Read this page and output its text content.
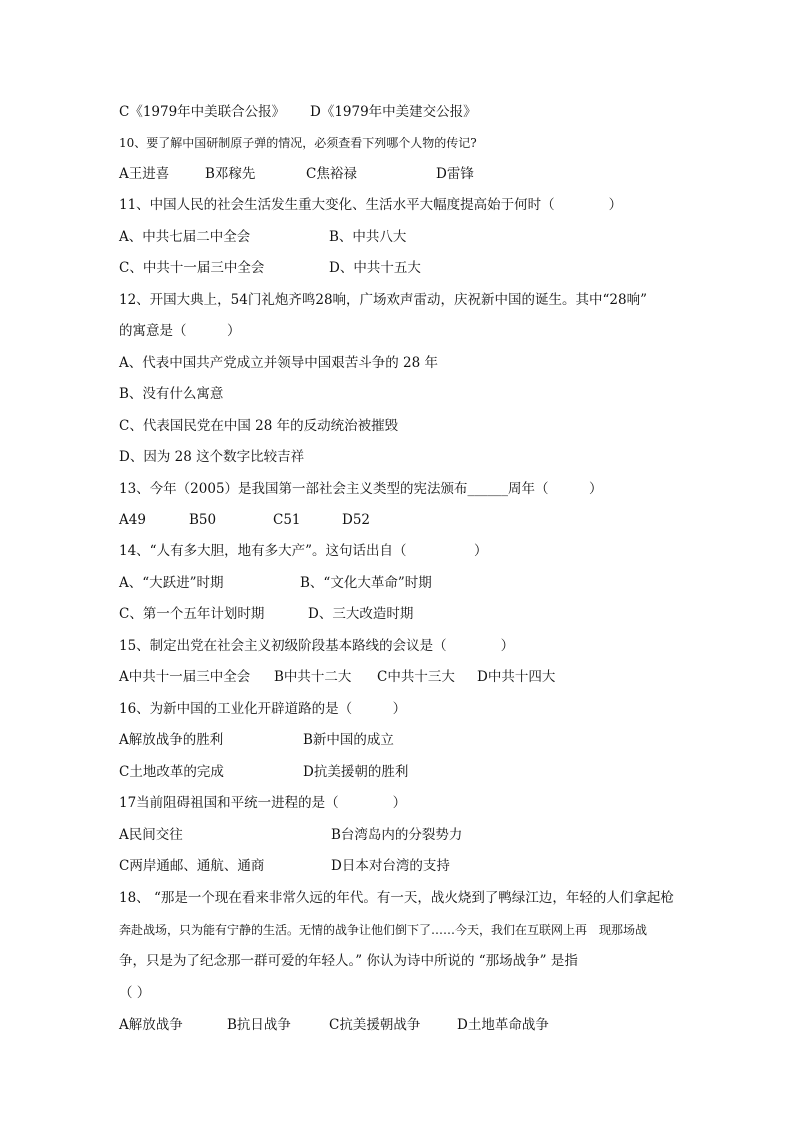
C《1979年中美联合公报》 D《1979年中美建交公报》
10、要了解中国研制原子弹的情况，必须查看下列哪个人物的传记?
A王进喜	B邓稼先	C焦裕禄	D雷锋
11、中国人民的社会生活发生重大变化、生活水平大幅度提高始于何时（　　　　）
A、中共七届二中全会	B、中共八大
C、中共十一届三中全会	D、中共十五大
12、开国大典上，54门礼炮齐鸣28响，广场欢声雷动，庆祝新中国的诞生。其中“28响”
的寓意是（　　　）
A、代表中国共产党成立并领导中国艰苦斗争的 28 年
B、没有什么寓意
C、代表国民党在中国 28 年的反动统治被摧毁
D、因为 28 这个数字比较吉祥
13、今年（2005）是我国第一部社会主义类型的宪法颁布______周年（　　　）
A49	B50	C51	D52
14、“人有多大胆，地有多大产”。这句话出自（　　　　　）
A、“大跃进”时期	B、“文化大革命”时期
C、第一个五年计划时期	D、三大改造时期
15、制定出党在社会主义初级阶段基本路线的会议是（　　　　）
A中共十一届三中全会 B中共十二大 C中共十三大 D中共十四大
16、为新中国的工业化开辟道路的是（　　　）
A解放战争的胜利	B新中国的成立
C土地改革的完成	D抗美援朝的胜利
17当前阻碍祖国和平统一进程的是（　　　　）
A民间交往	B台湾岛内的分裂势力
C两岸通邮、通航、通商	D日本对台湾的支持
18、 “那是一个现在看来非常久远的年代。有一天，战火烧到了鸭绿江边，年轻的人们拿起枪
奔赴战场，只为能有宁静的生活。无情的战争让他们倒下了……今天，我们在互联网上再　现那场战
争，只是为了纪念那一群可爱的年轻人。” 你认为诗中所说的 “那场战争” 是指
（ ）
A解放战争	B抗日战争	C抗美援朝战争	D土地革命战争
